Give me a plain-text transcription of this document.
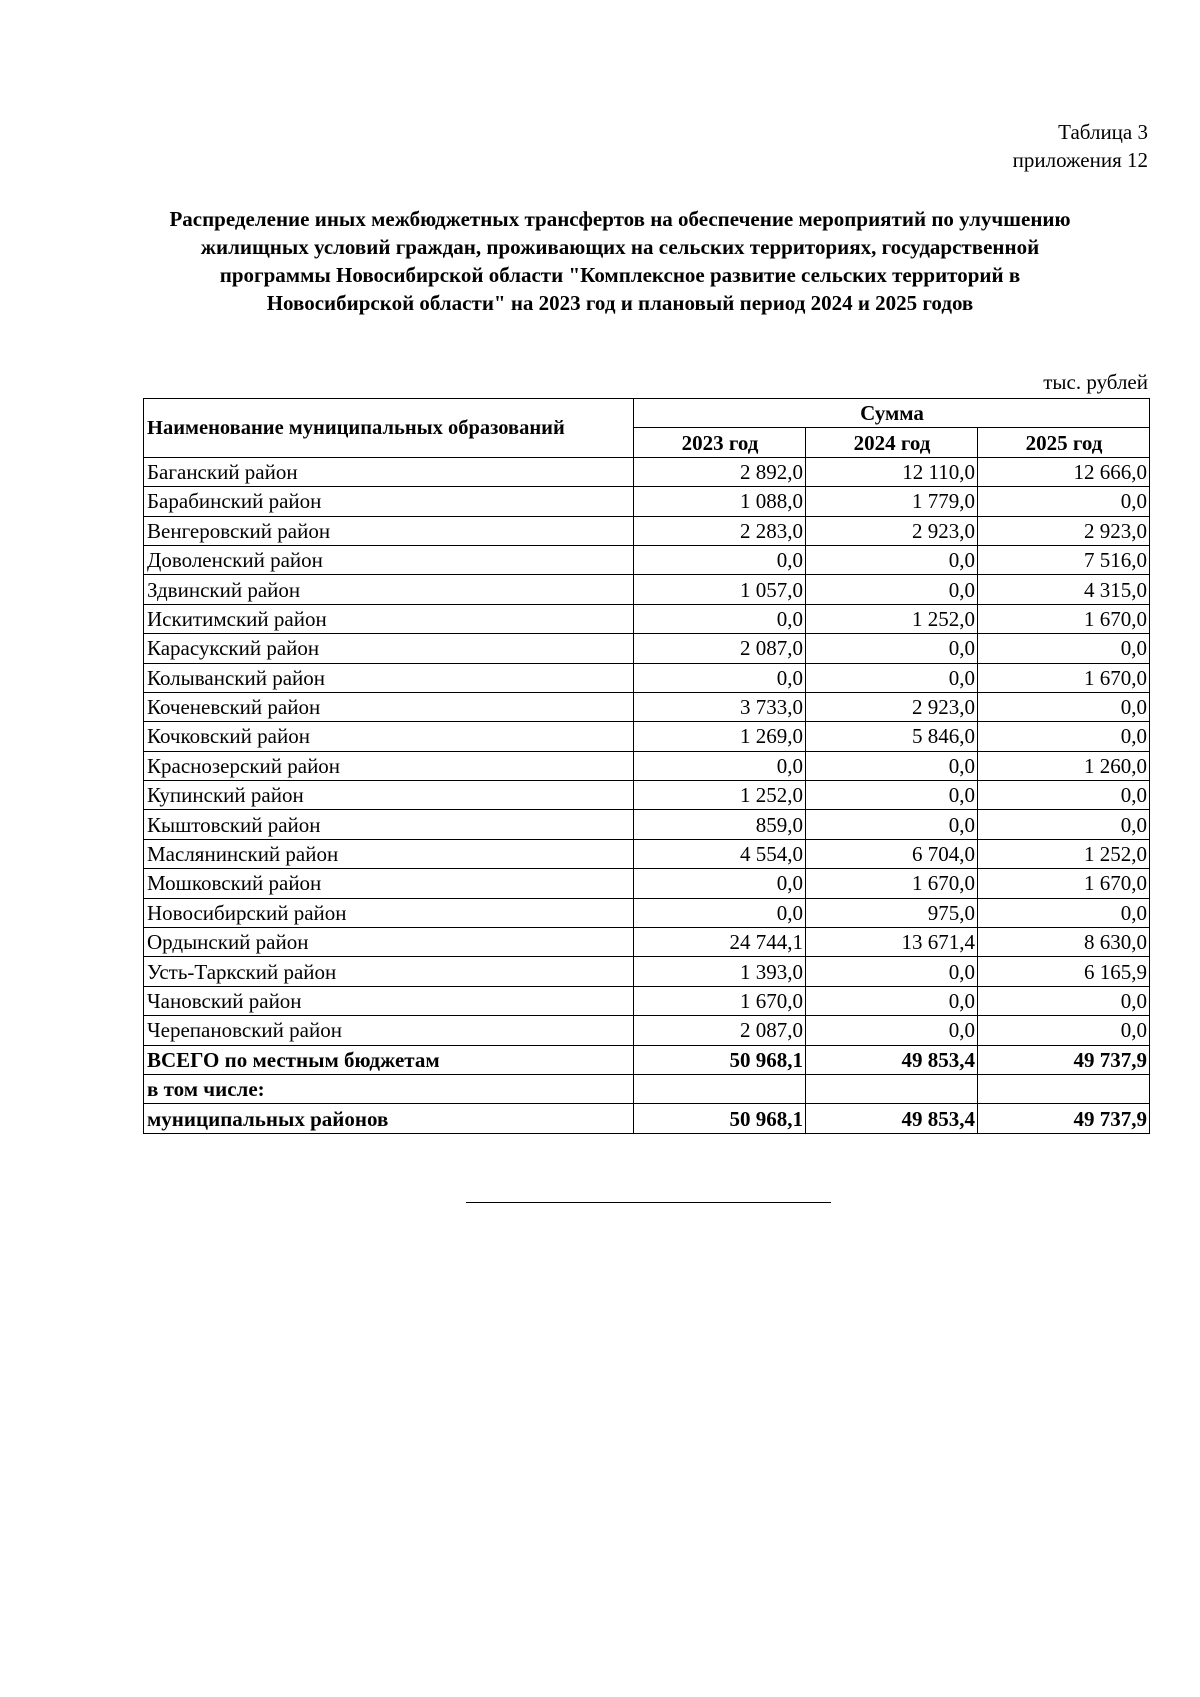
Таблица 3
приложения 12
Распределение иных межбюджетных трансфертов на обеспечение мероприятий по улучшению жилищных условий граждан, проживающих на сельских территориях, государственной программы Новосибирской области "Комплексное развитие сельских территорий в Новосибирской области" на 2023 год и плановый период 2024 и 2025 годов
тыс. рублей
Наименование муниципальных образований	Сумма		
	2023 год	2024 год	2025 год
Баганский район	2 892,0	12 110,0	12 666,0
Барабинский район	1 088,0	1 779,0	0,0
Венгеровский район	2 283,0	2 923,0	2 923,0
Доволенский район	0,0	0,0	7 516,0
Здвинский район	1 057,0	0,0	4 315,0
Искитимский район	0,0	1 252,0	1 670,0
Карасукский район	2 087,0	0,0	0,0
Колыванский район	0,0	0,0	1 670,0
Коченевский район	3 733,0	2 923,0	0,0
Кочковский район	1 269,0	5 846,0	0,0
Краснозерский район	0,0	0,0	1 260,0
Купинский район	1 252,0	0,0	0,0
Кыштовский район	859,0	0,0	0,0
Маслянинский район	4 554,0	6 704,0	1 252,0
Мошковский район	0,0	1 670,0	1 670,0
Новосибирский район	0,0	975,0	0,0
Ордынский район	24 744,1	13 671,4	8 630,0
Усть-Таркский район	1 393,0	0,0	6 165,9
Чановский район	1 670,0	0,0	0,0
Черепановский район	2 087,0	0,0	0,0
ВСЕГО по местным бюджетам	50 968,1	49 853,4	49 737,9
в том числе:			
муниципальных районов	50 968,1	49 853,4	49 737,9
